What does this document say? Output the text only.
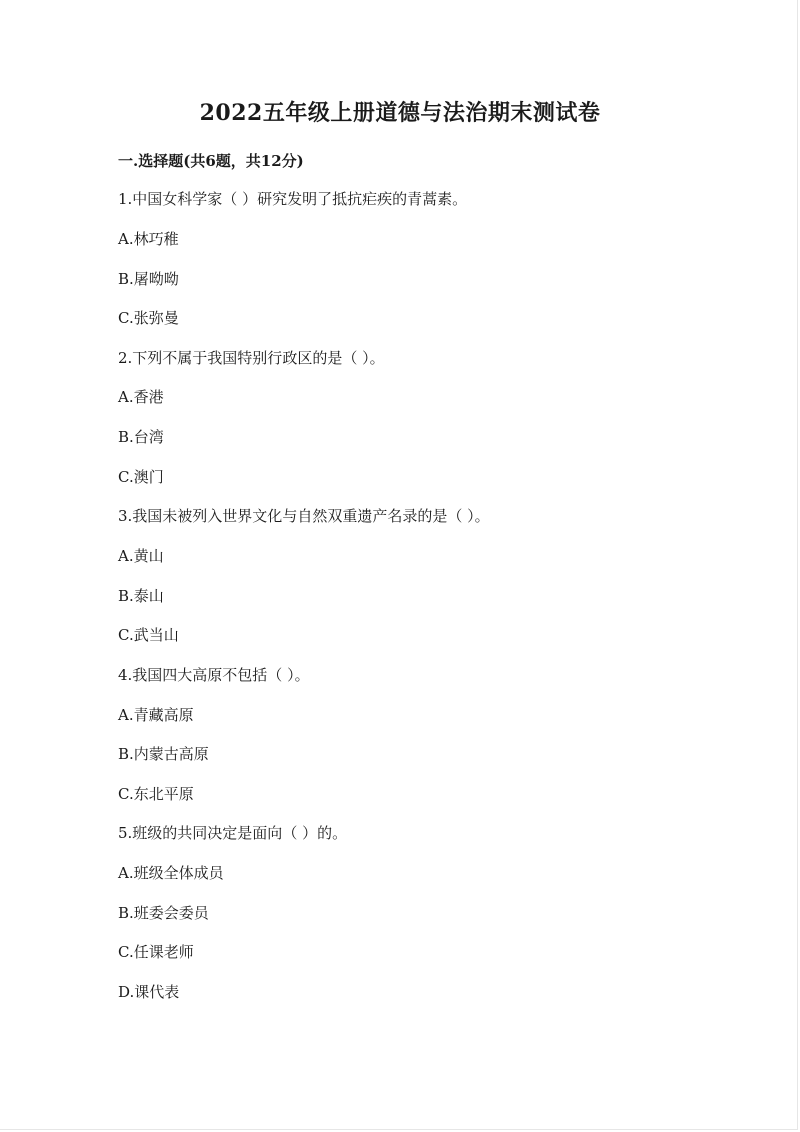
2022五年级上册道德与法治期末测试卷
一.选择题(共6题，共12分)
1.中国女科学家（ ）研究发明了抵抗疟疾的青蒿素。
A.林巧稚
B.屠呦呦
C.张弥曼
2.下列不属于我国特别行政区的是（ ）。
A.香港
B.台湾
C.澳门
3.我国未被列入世界文化与自然双重遗产名录的是（ ）。
A.黄山
B.泰山
C.武当山
4.我国四大高原不包括（ ）。
A.青藏高原
B.内蒙古高原
C.东北平原
5.班级的共同决定是面向（ ）的。
A.班级全体成员
B.班委会委员
C.任课老师
D.课代表
